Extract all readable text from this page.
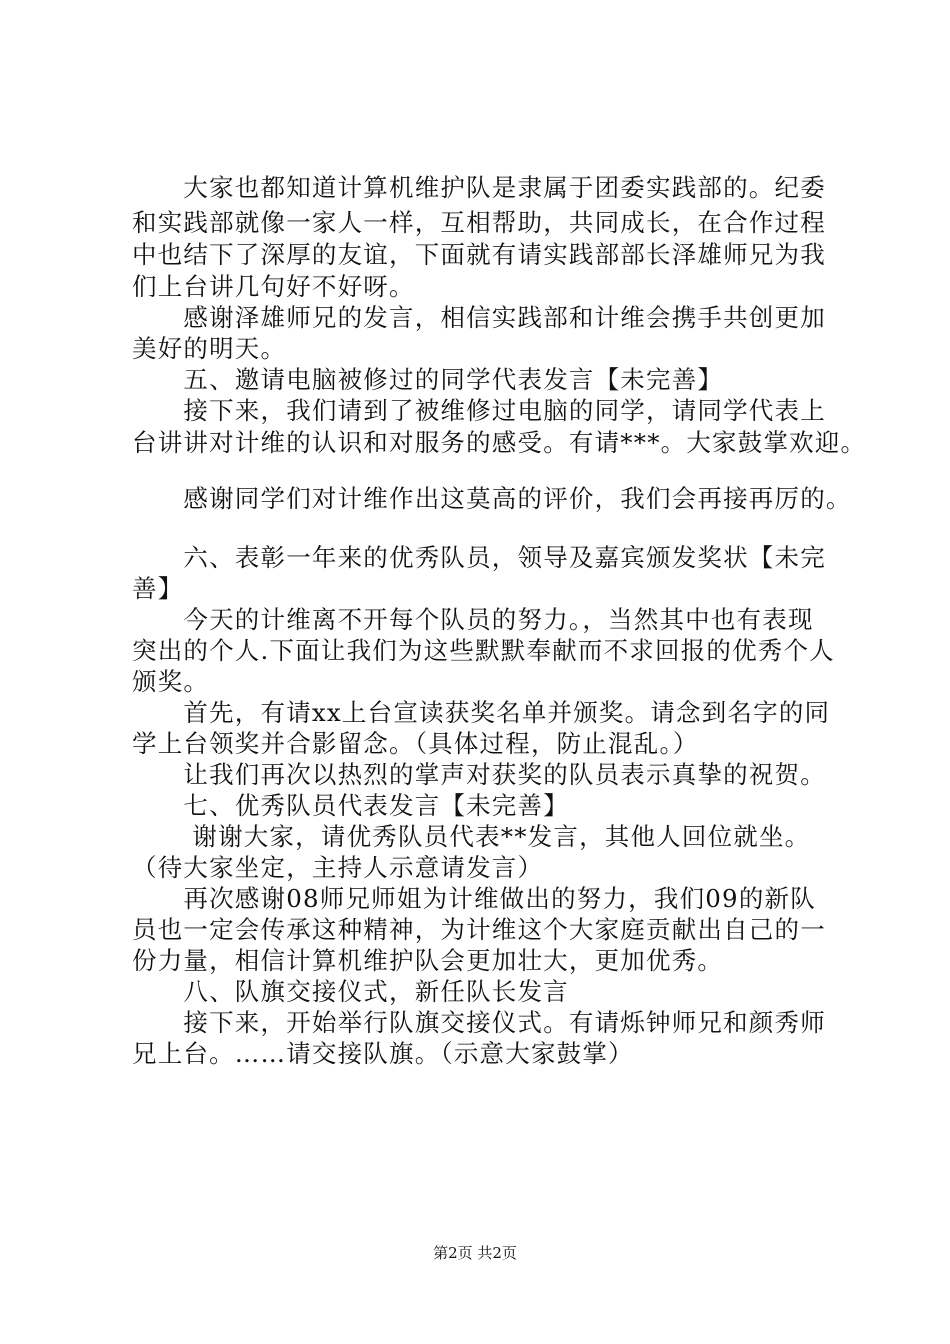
　　大家也都知道计算机维护队是隶属于团委实践部的。纪委
和实践部就像一家人一样，互相帮助，共同成长，在合作过程
中也结下了深厚的友谊，下面就有请实践部部长泽雄师兄为我
们上台讲几句好不好呀。
　　感谢泽雄师兄的发言，相信实践部和计维会携手共创更加
美好的明天。
　　五、邀请电脑被修过的同学代表发言【未完善】
　　接下来，我们请到了被维修过电脑的同学，请同学代表上
台讲讲对计维的认识和对服务的感受。有请***。大家鼓掌欢迎。
　　感谢同学们对计维作出这莫高的评价，我们会再接再厉的。
　　六、表彰一年来的优秀队员，领导及嘉宾颁发奖状【未完
善】
　　今天的计维离不开每个队员的努力。，当然其中也有表现
突出的个人.下面让我们为这些默默奉献而不求回报的优秀个人
颁奖。
　　首先，有请xx上台宣读获奖名单并颁奖。请念到名字的同
学上台领奖并合影留念。（具体过程，防止混乱。）
　　让我们再次以热烈的掌声对获奖的队员表示真挚的祝贺。
　　七、优秀队员代表发言【未完善】
　　 谢谢大家，请优秀队员代表**发言，其他人回位就坐。
（待大家坐定，主持人示意请发言）
　　再次感谢08师兄师姐为计维做出的努力，我们09的新队
员也一定会传承这种精神，为计维这个大家庭贡献出自己的一
份力量，相信计算机维护队会更加壮大，更加优秀。
　　八、队旗交接仪式，新任队长发言
　　接下来，开始举行队旗交接仪式。有请烁钟师兄和颜秀师
兄上台。……请交接队旗。（示意大家鼓掌）
第2页 共2页
